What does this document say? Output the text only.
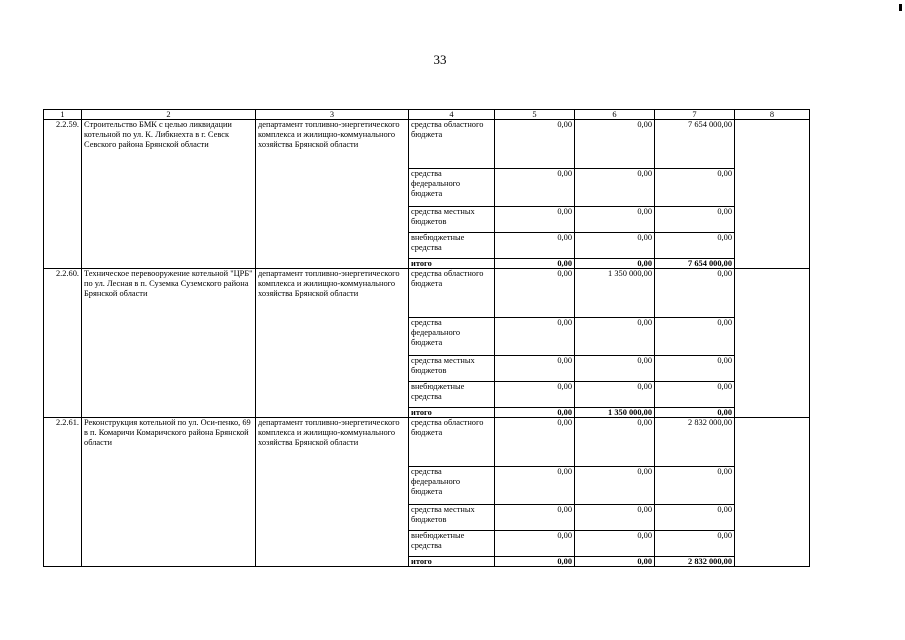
33
1	2	3	4	5	6	7	8
2.2.59.	Строительство БМК с целью ликвидации котельной по ул. К. Либкнехта в г. Севск Севского района Брянской области	департамент топливно-энергетического комплекса и жилищно-коммунального хозяйства Брянской области	средства областного бюджета	0,00	0,00	7 654 000,00	
			средства федерального бюджета	0,00	0,00	0,00	
			средства местных бюджетов	0,00	0,00	0,00	
			внебюджетные средства	0,00	0,00	0,00	
			итого	0,00	0,00	7 654 000,00	
2.2.60.	Техническое перевооружение котельной "ЦРБ" по ул. Лесная в п. Суземка Суземского района Брянской области	департамент топливно-энергетического комплекса и жилищно-коммунального хозяйства Брянской области	средства областного бюджета	0,00	1 350 000,00	0,00	
			средства федерального бюджета	0,00	0,00	0,00	
			средства местных бюджетов	0,00	0,00	0,00	
			внебюджетные средства	0,00	0,00	0,00	
			итого	0,00	1 350 000,00	0,00	
2.2.61.	Реконструкция котельной по ул. Оси-пенко, 69 в п. Комаричи Комаричского района Брянской области	департамент топливно-энергетического комплекса и жилищно-коммунального хозяйства Брянской области	средства областного бюджета	0,00	0,00	2 832 000,00	
			средства федерального бюджета	0,00	0,00	0,00	
			средства местных бюджетов	0,00	0,00	0,00	
			внебюджетные средства	0,00	0,00	0,00	
			итого	0,00	0,00	2 832 000,00	
